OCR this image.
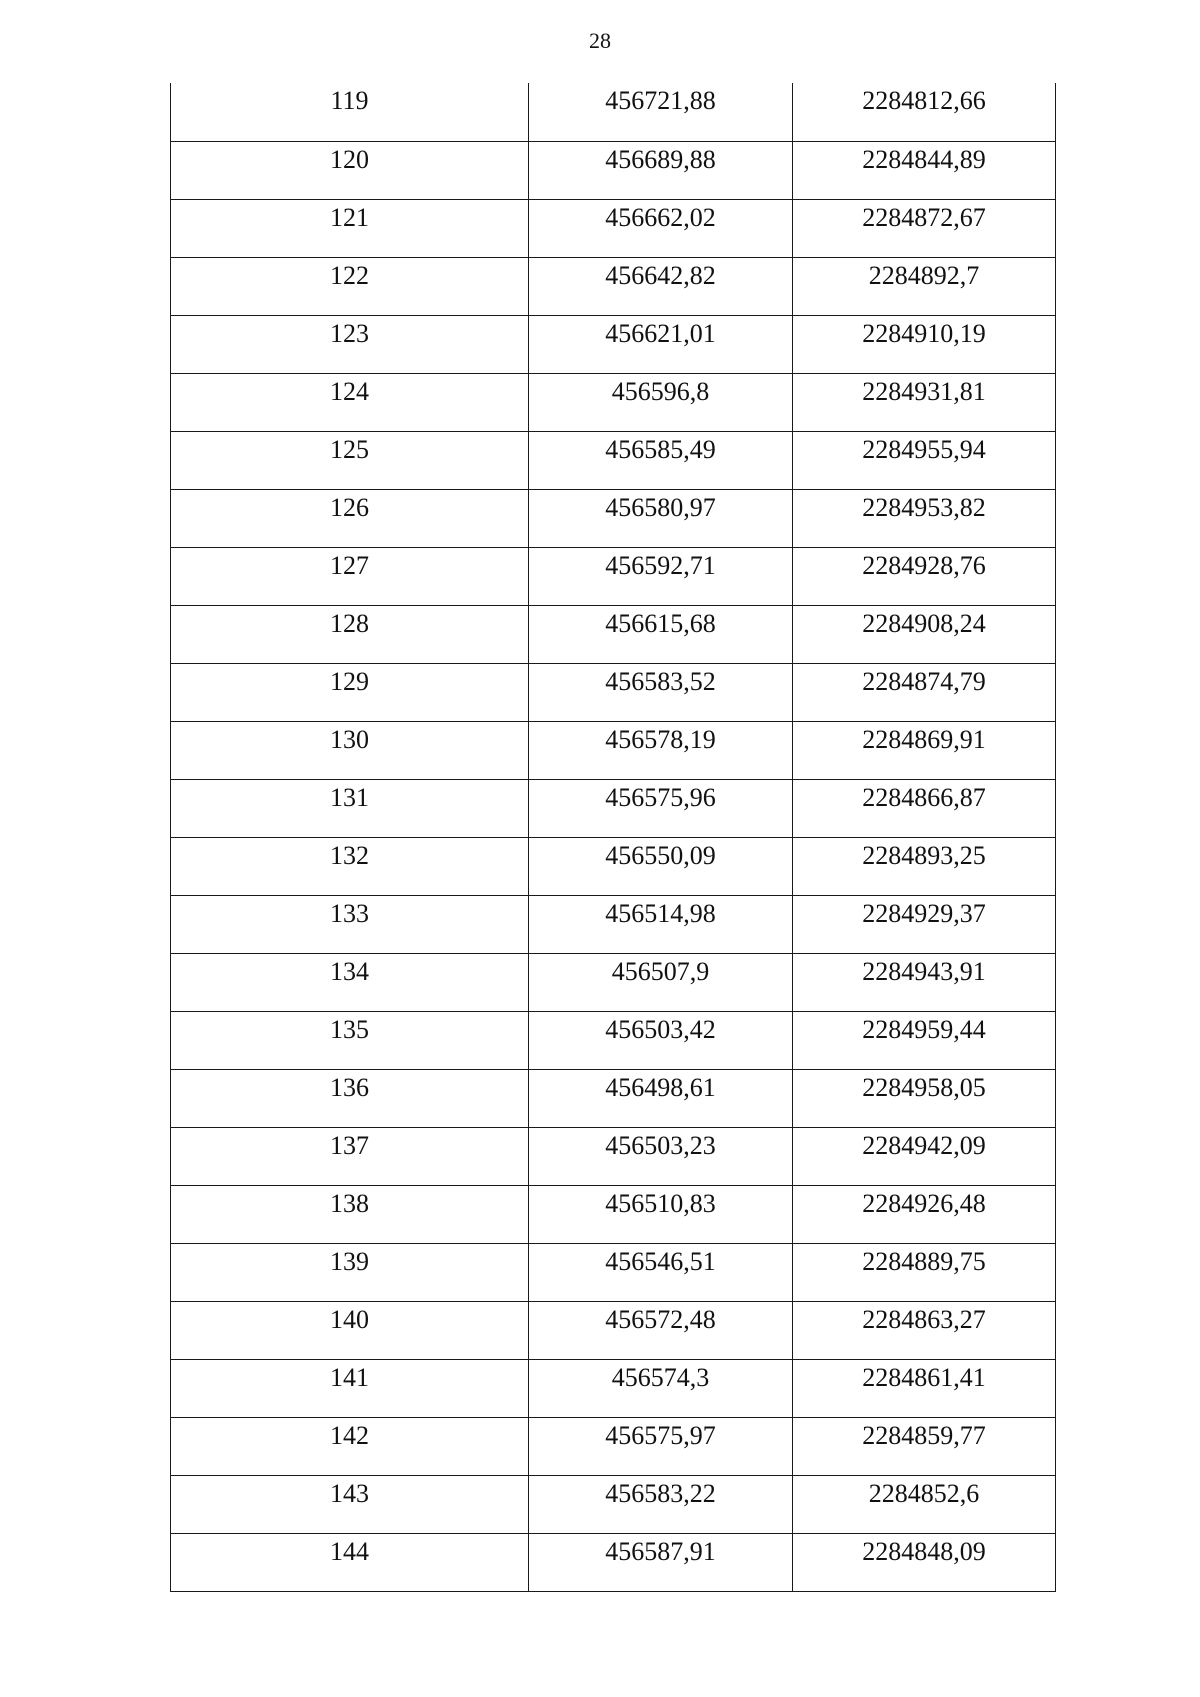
28
119	456721,88	2284812,66

120	456689,88	2284844,89

121	456662,02	2284872,67

122	456642,82	2284892,7

123	456621,01	2284910,19

124	456596,8	2284931,81

125	456585,49	2284955,94

126	456580,97	2284953,82

127	456592,71	2284928,76

128	456615,68	2284908,24

129	456583,52	2284874,79

130	456578,19	2284869,91

131	456575,96	2284866,87

132	456550,09	2284893,25

133	456514,98	2284929,37

134	456507,9	2284943,91

135	456503,42	2284959,44

136	456498,61	2284958,05

137	456503,23	2284942,09

138	456510,83	2284926,48

139	456546,51	2284889,75

140	456572,48	2284863,27

141	456574,3	2284861,41

142	456575,97	2284859,77

143	456583,22	2284852,6

144	456587,91	2284848,09
